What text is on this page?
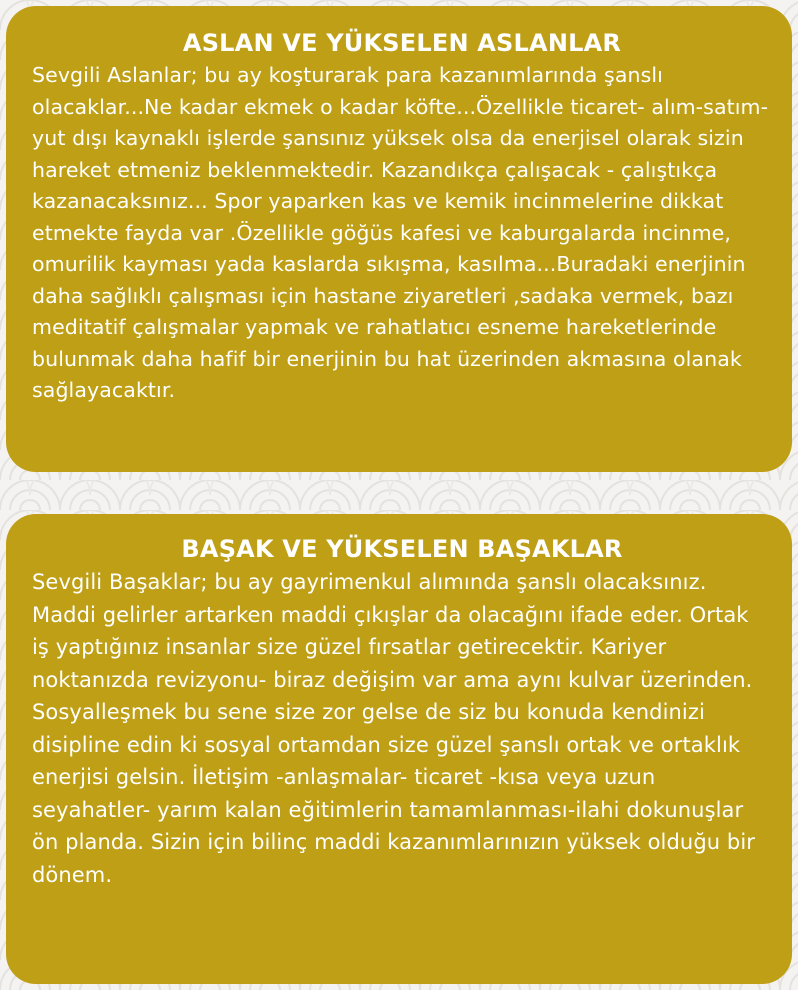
ASLAN VE YÜKSELEN ASLANLAR

Sevgili Aslanlar; bu ay koşturarak para kazanımlarında şanslı olacaklar...Ne kadar ekmek o kadar köfte...Özellikle ticaret- alım-satım- yut dışı kaynaklı işlerde şansınız yüksek olsa da enerjisel olarak sizin hareket etmeniz beklenmektedir. Kazandıkça çalışacak - çalıştıkça kazanacaksınız... Spor yaparken kas ve kemik incinmelerine dikkat etmekte fayda var .Özellikle göğüs kafesi ve kaburgalarda incinme, omurilik kayması yada kaslarda sıkışma, kasılma...Buradaki enerjinin daha sağlıklı çalışması için hastane ziyaretleri ,sadaka vermek, bazı meditatif çalışmalar yapmak ve rahatlatıcı esneme hareketlerinde bulunmak daha hafif bir enerjinin bu hat üzerinden akmasına olanak sağlayacaktır.

BAŞAK VE YÜKSELEN BAŞAKLAR

Sevgili Başaklar; bu ay gayrimenkul alımında şanslı olacaksınız. Maddi gelirler artarken maddi çıkışlar da olacağını ifade eder. Ortak iş yaptığınız insanlar size güzel fırsatlar getirecektir. Kariyer noktanızda revizyonu- biraz değişim var ama aynı kulvar üzerinden. Sosyalleşmek bu sene size zor gelse de siz bu konuda kendinizi disipline edin ki sosyal ortamdan size güzel şanslı ortak ve ortaklık enerjisi gelsin. İletişim -anlaşmalar- ticaret -kısa veya uzun seyahatler- yarım kalan eğitimlerin tamamlanması-ilahi dokunuşlar ön planda. Sizin için bilinç maddi kazanımlarınızın yüksek olduğu bir dönem.
